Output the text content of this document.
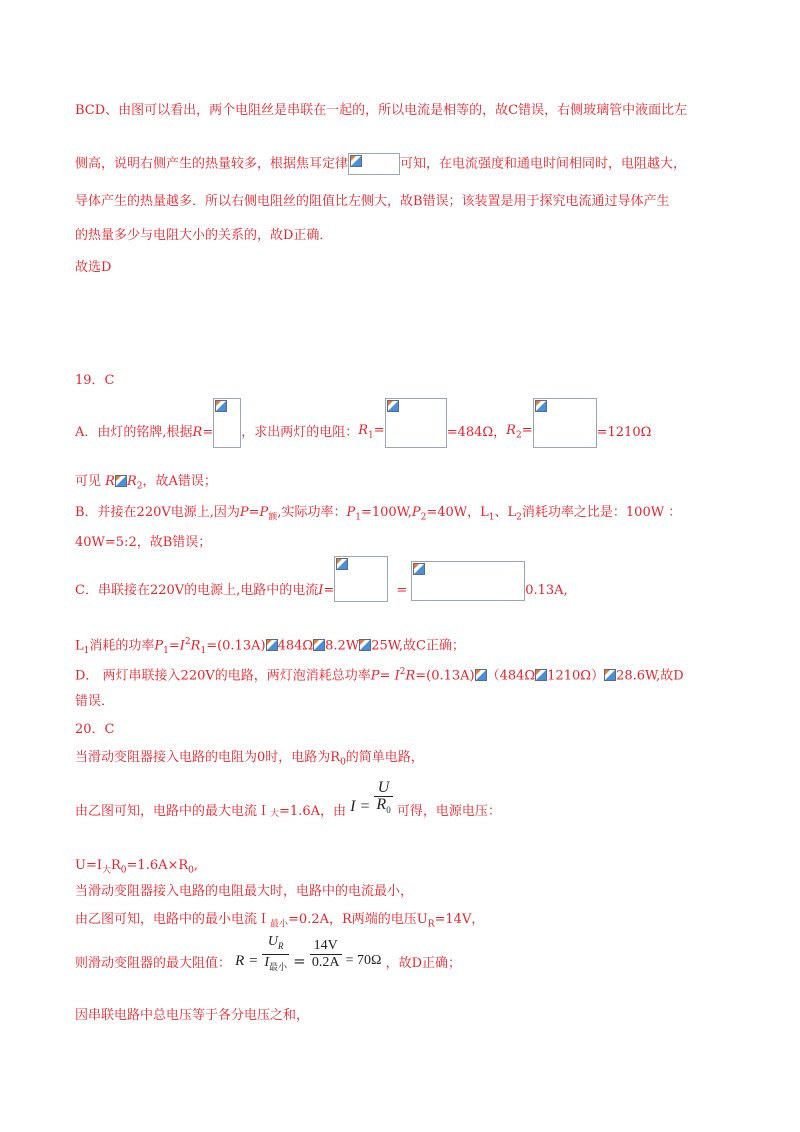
BCD、由图可以看出，两个电阻丝是串联在一起的，所以电流是相等的，故C错误，右侧玻璃管中液面比左
侧高，说明右侧产生的热量较多，根据焦耳定律	可知，在电流强度和通电时间相同时，电阻越大，
导体产生的热量越多．所以右侧电阻丝的阻值比左侧大，故B错误；该装置是用于探究电流通过导体产生
的热量多少与电阻大小的关系的，故D正确．
故选D
19．C
A．由灯的铭牌,根据R= ，求出两灯的电阻：$R_1=$	=484Ω，$R_2=$	=1210Ω
可见 R $R_2$，故A错误；
B．并接在220V电源上,因为$P=P_额$,实际功率：$P_1=100W,P_2=40W$，$L_1$、$L_2$消耗功率之比是：100W ：
40W=5:2，故B错误；
C．串联接在220V的电源上,电路中的电流I=	=	0.13A,
$L_1$消耗的功率$P_1=I^2R_1=(0.13A)$ 484Ω 8.2W 25W,故C正确；
D． 两灯串联接入220V的电路，两灯泡消耗总功率$P= I^2R=(0.13A)$ （484Ω 1210Ω） 28.6W,故D
错误．
20．C
当滑动变阻器接入电路的电阻为0时，电路为$R_0$的简单电路，
由乙图可知，电路中的最大电流Ｉ大=1.6A，由 $I = \frac{U}{R_0}$ 可得，电源电压：
$U=I_大R_0=1.6A\times R_0$,
当滑动变阻器接入电路的电阻最大时，电路中的电流最小，
由乙图可知，电路中的最小电流Ｉ$_{最小}$=0.2A，R两端的电压$U_R=14V$，
则滑动变阻器的最大阻值： $R = \frac{U_R}{I_{最小}} = \frac{14V}{0.2A} = 70\Omega$ ，故D正确；
因串联电路中总电压等于各分电压之和，
